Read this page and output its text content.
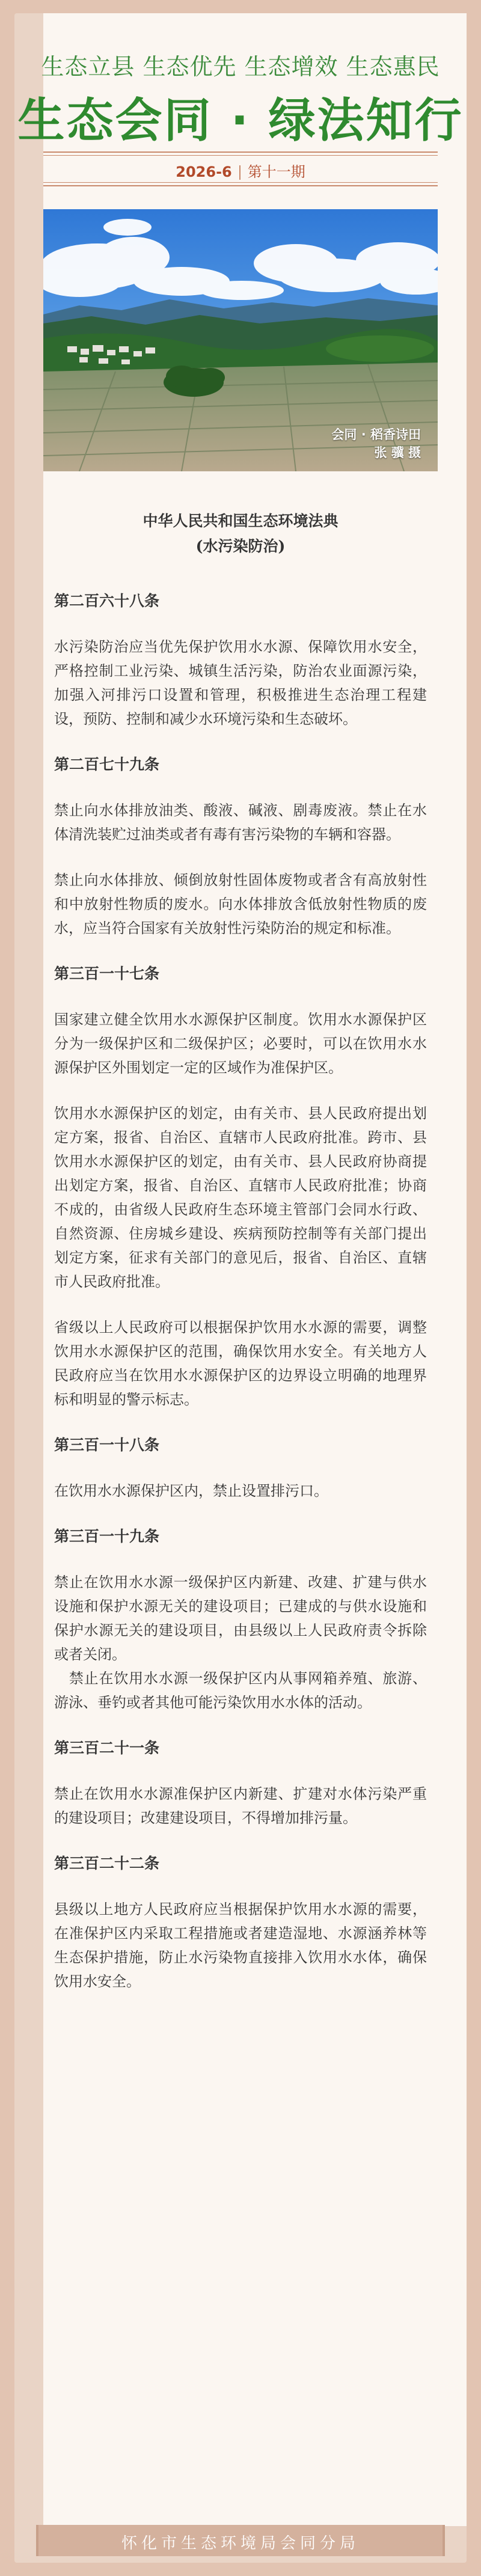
生态立县 生态优先 生态增效 生态惠民
生态会同 · 绿法知行
2026-6 第十一期
会同 · 稻香诗田
张 骥 摄
中华人民共和国生态环境法典
(水污染防治)
第二百六十八条
水污染防治应当优先保护饮用水水源、保障饮用水安全，严格控制工业污染、城镇生活污染，防治农业面源污染，加强入河排污口设置和管理，积极推进生态治理工程建设，预防、控制和减少水环境污染和生态破坏。
第二百七十九条
禁止向水体排放油类、酸液、碱液、剧毒废液。禁止在水体清洗装贮过油类或者有毒有害污染物的车辆和容器。
禁止向水体排放、倾倒放射性固体废物或者含有高放射性和中放射性物质的废水。向水体排放含低放射性物质的废水，应当符合国家有关放射性污染防治的规定和标准。
第三百一十七条
国家建立健全饮用水水源保护区制度。饮用水水源保护区分为一级保护区和二级保护区；必要时，可以在饮用水水源保护区外围划定一定的区域作为准保护区。
饮用水水源保护区的划定，由有关市、县人民政府提出划定方案，报省、自治区、直辖市人民政府批准。跨市、县饮用水水源保护区的划定，由有关市、县人民政府协商提出划定方案，报省、自治区、直辖市人民政府批准；协商不成的，由省级人民政府生态环境主管部门会同水行政、自然资源、住房城乡建设、疾病预防控制等有关部门提出划定方案，征求有关部门的意见后，报省、自治区、直辖市人民政府批准。
省级以上人民政府可以根据保护饮用水水源的需要，调整饮用水水源保护区的范围，确保饮用水安全。有关地方人民政府应当在饮用水水源保护区的边界设立明确的地理界标和明显的警示标志。
第三百一十八条
在饮用水水源保护区内，禁止设置排污口。
第三百一十九条
禁止在饮用水水源一级保护区内新建、改建、扩建与供水设施和保护水源无关的建设项目；已建成的与供水设施和保护水源无关的建设项目，由县级以上人民政府责令拆除或者关闭。
　禁止在饮用水水源一级保护区内从事网箱养殖、旅游、游泳、垂钓或者其他可能污染饮用水水体的活动。
第三百二十一条
禁止在饮用水水源准保护区内新建、扩建对水体污染严重的建设项目；改建建设项目，不得增加排污量。
第三百二十二条
县级以上地方人民政府应当根据保护饮用水水源的需要，在准保护区内采取工程措施或者建造湿地、水源涵养林等生态保护措施，防止水污染物直接排入饮用水水体，确保饮用水安全。
怀化市生态环境局会同分局
